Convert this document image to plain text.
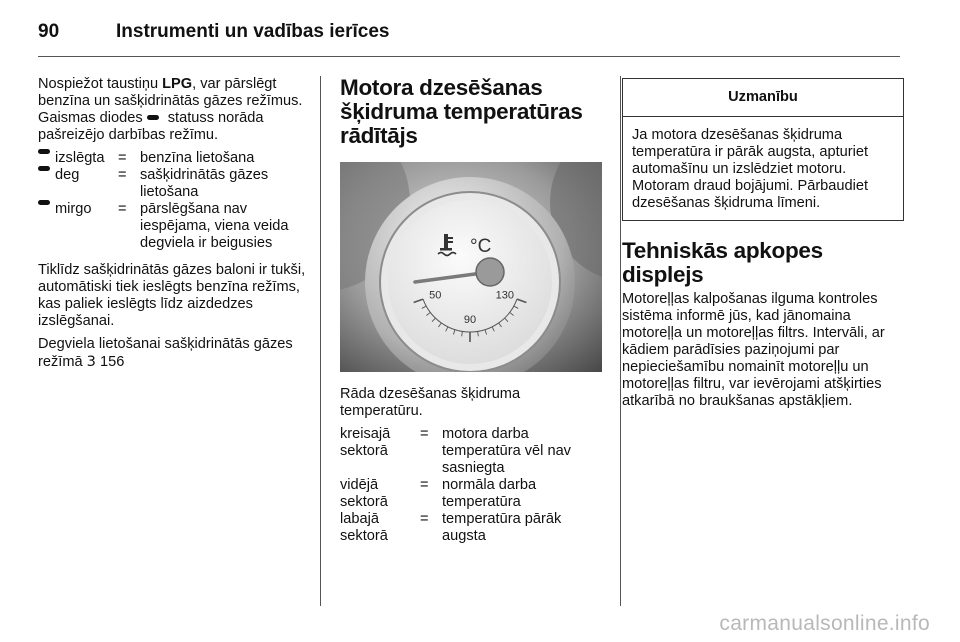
90	Instrumenti un vadības ierīces

Nospiežot taustiņu LPG, var pārslēgt benzīna un sašķidrinātās gāzes režīmus. Gaismas diodes  statuss norāda pašreizējo darbības režīmu.

izslēgta = benzīna lietošana
deg	= sašķidrinātās gāzes lietošana
mirgo = pārslēgšana nav iespējama, viena veida degviela ir beigusies

Tiklīdz sašķidrinātās gāzes baloni ir tukši, automātiski tiek ieslēgts benzīna režīms, kas paliek ieslēgts līdz aizdedzes izslēgšanai.

Degviela lietošanai sašķidrinātās gāzes režīmā 3 156

Motora dzesēšanas šķidruma temperatūras rādītājs
°C
50
90
130

Rāda dzesēšanas šķidruma temperatūru.

kreisajā sektorā
= motora darba temperatūra vēl nav sasniegta
vidējā sektorā
= normāla darba temperatūra
labajā sektorā
= temperatūra pārāk augsta
Uzmanību
Ja motora dzesēšanas šķidruma temperatūra ir pārāk augsta, apturiet automašīnu un izslēdziet motoru. Motoram draud bojājumi. Pārbaudiet dzesēšanas šķidruma līmeni.
Tehniskās apkopes displejs

Motoreļļas kalpošanas ilguma kontroles sistēma informē jūs, kad jānomaina motoreļļa un motoreļļas filtrs. Intervāli, ar kādiem parādīsies paziņojumi par nepieciešamību nomainīt motoreļļu un motoreļļas filtru, var ievērojami atšķirties atkarībā no braukšanas apstākļiem.

carmanualsonline.info
